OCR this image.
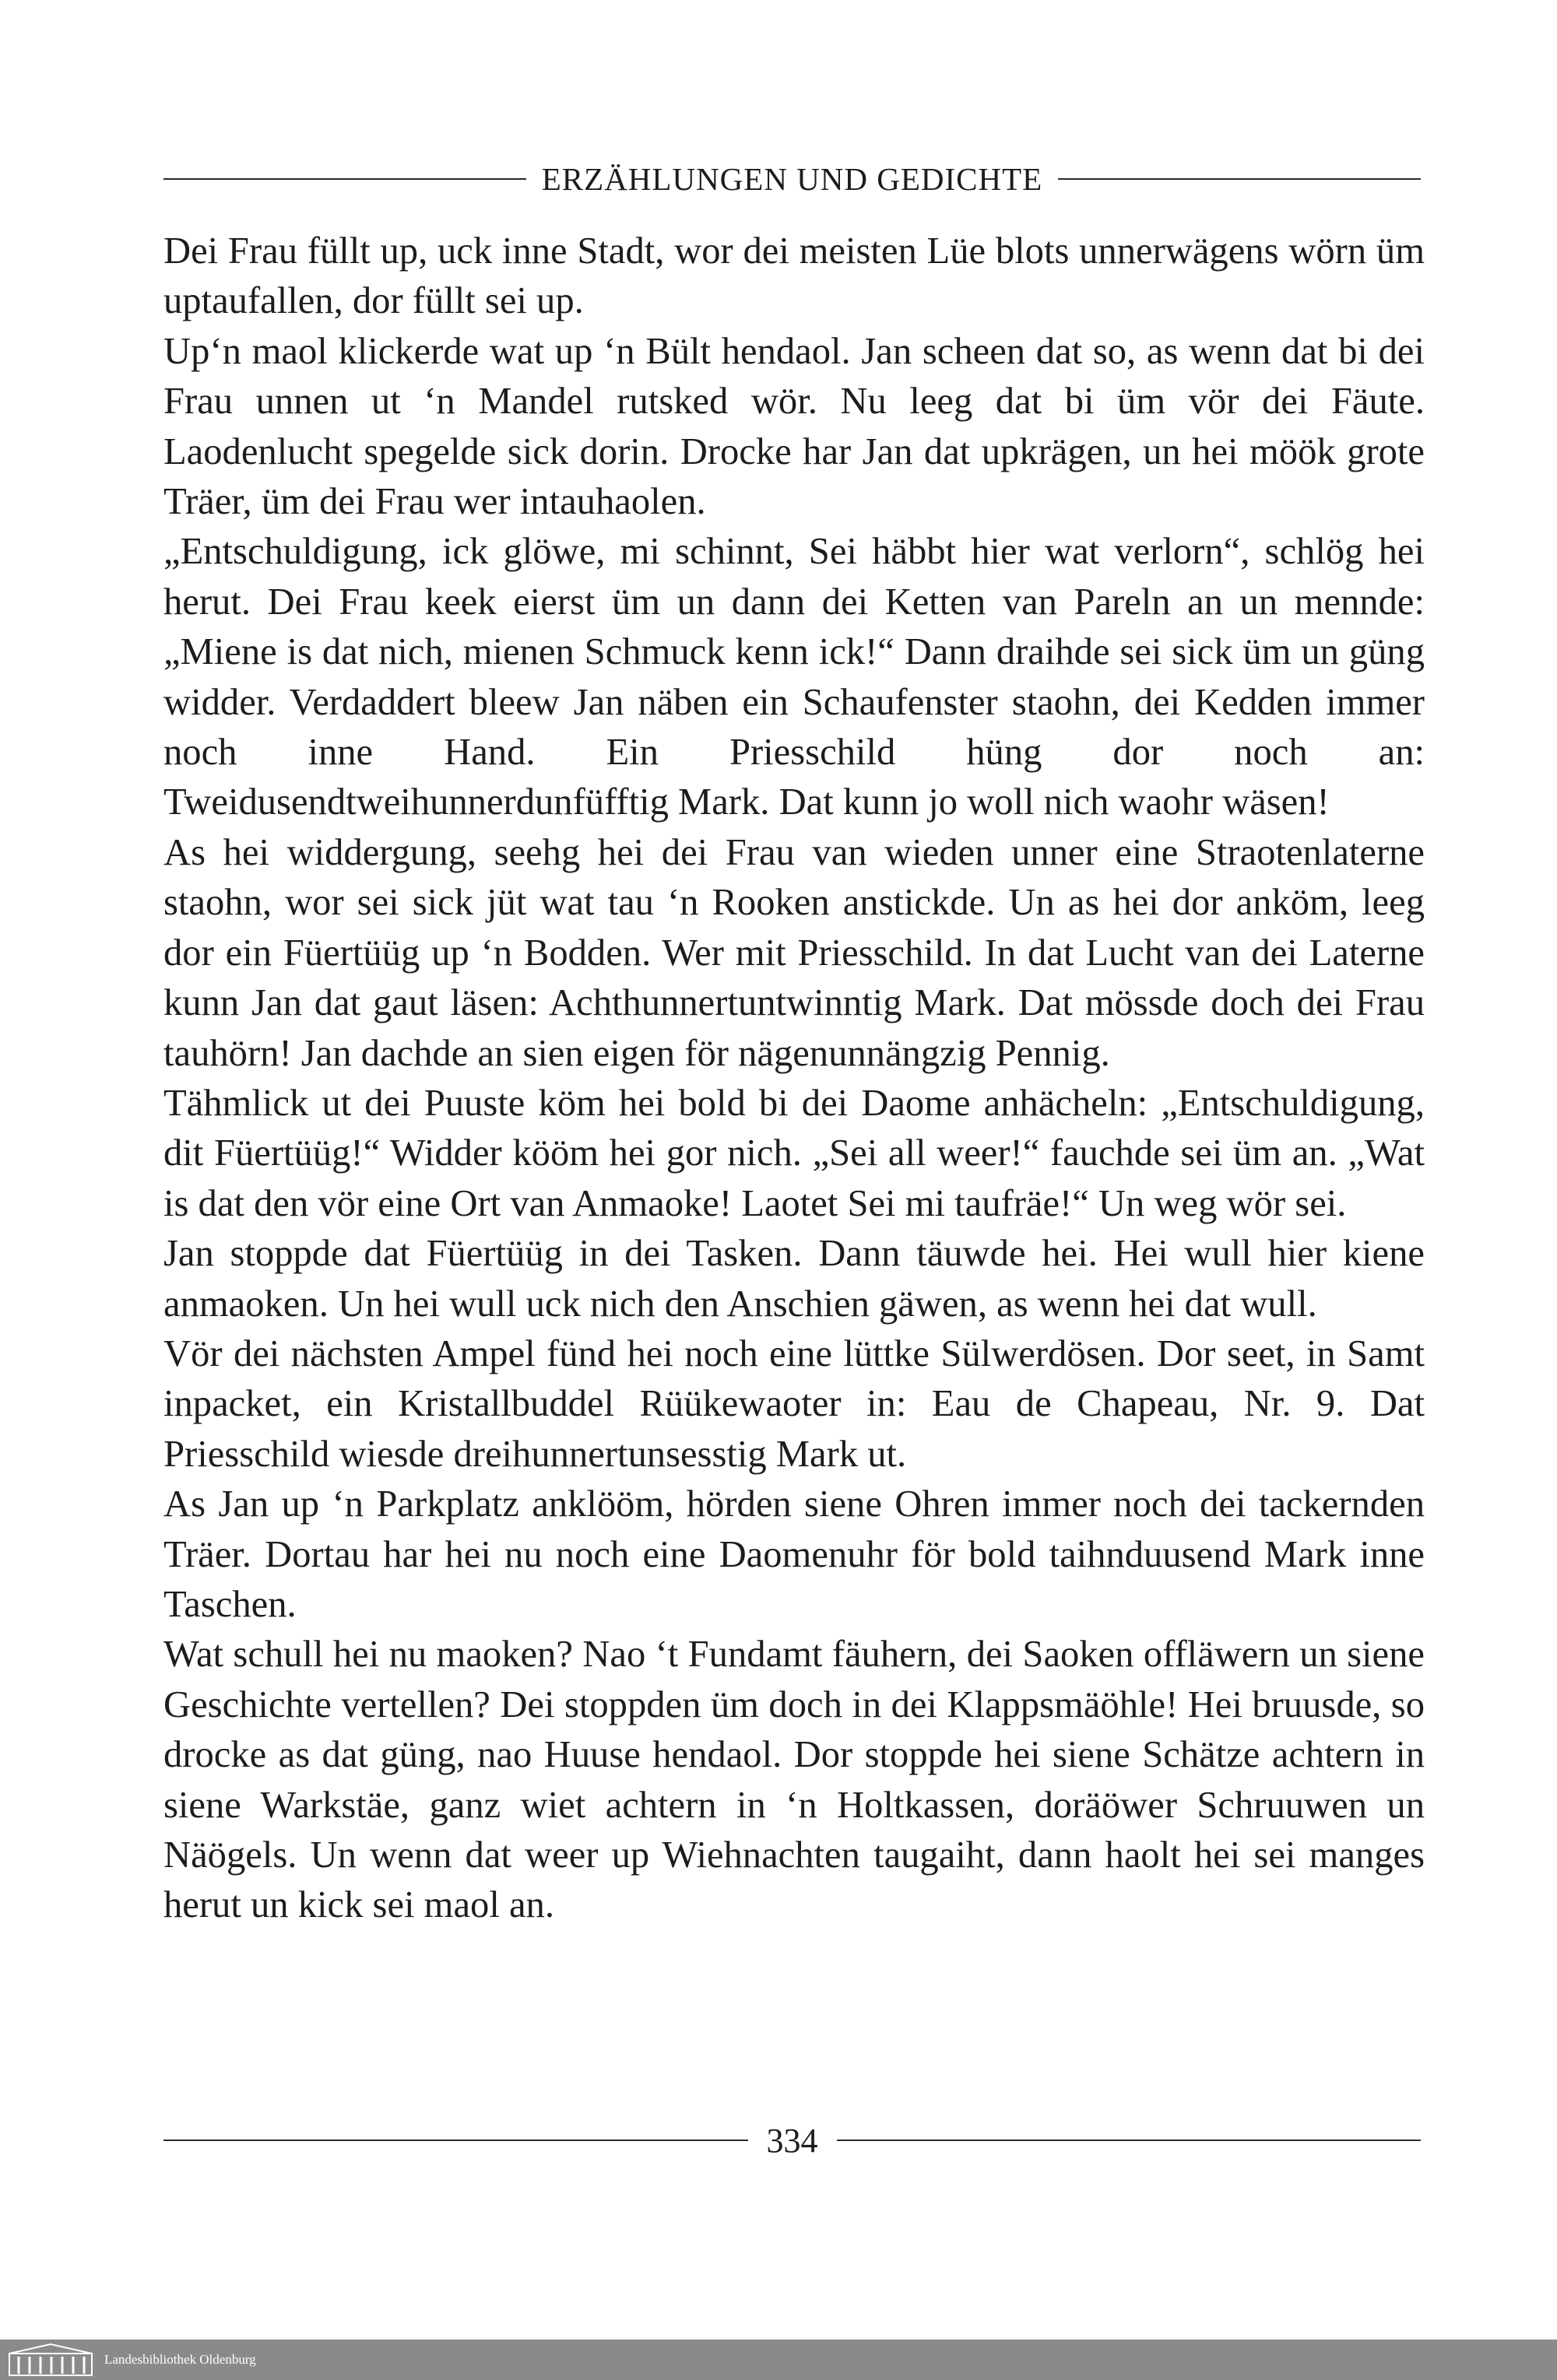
ERZÄHLUNGEN UND GEDICHTE

Dei Frau füllt up, uck inne Stadt, wor dei meisten Lüe blots unnerwägens wörn üm uptaufallen, dor füllt sei up.

Up‘n maol klickerde wat up ‘n Bült hendaol. Jan scheen dat so, as wenn dat bi dei Frau unnen ut ‘n Mandel rutsked wör. Nu leeg dat bi üm vör dei Fäute. Laodenlucht spegelde sick dorin. Drocke har Jan dat upkrägen, un hei möök grote Träer, üm dei Frau wer intauhaolen.

„Entschuldigung, ick glöwe, mi schinnt, Sei häbbt hier wat verlorn“, schlög hei herut. Dei Frau keek eierst üm un dann dei Ketten van Pareln an un mennde: „Miene is dat nich, mienen Schmuck kenn ick!“ Dann draihde sei sick üm un güng widder. Verdaddert bleew Jan näben ein Schaufenster staohn, dei Kedden immer noch inne Hand. Ein Priesschild hüng dor noch an: Tweidusendtweihunnerdunfüfftig Mark. Dat kunn jo woll nich waohr wäsen!

As hei widdergung, seehg hei dei Frau van wieden unner eine Straotenlaterne staohn, wor sei sick jüt wat tau ‘n Rooken anstickde. Un as hei dor anköm, leeg dor ein Füertüüg up ‘n Bodden. Wer mit Priesschild. In dat Lucht van dei Laterne kunn Jan dat gaut läsen: Achthunnertuntwinntig Mark. Dat mössde doch dei Frau tauhörn! Jan dachde an sien eigen för nägenunnängzig Pennig.

Tähmlick ut dei Puuste köm hei bold bi dei Daome anhächeln: „Entschuldigung, dit Füertüüg!“ Widder kööm hei gor nich. „Sei all weer!“ fauchde sei üm an. „Wat is dat den vör eine Ort van Anmaoke! Laotet Sei mi taufräe!“ Un weg wör sei.

Jan stoppde dat Füertüüg in dei Tasken. Dann täuwde hei. Hei wull hier kiene anmaoken. Un hei wull uck nich den Anschien gäwen, as wenn hei dat wull.

Vör dei nächsten Ampel fünd hei noch eine lüttke Sülwerdösen. Dor seet, in Samt inpacket, ein Kristallbuddel Rüükewaoter in: Eau de Chapeau, Nr. 9. Dat Priesschild wiesde dreihunnertunsesstig Mark ut.

As Jan up ‘n Parkplatz anklööm, hörden siene Ohren immer noch dei tackernden Träer. Dortau har hei nu noch eine Daomenuhr för bold taihnduusend Mark inne Taschen.

Wat schull hei nu maoken? Nao ‘t Fundamt fäuhern, dei Saoken offläwern un siene Geschichte vertellen? Dei stoppden üm doch in dei Klappsmäöhle! Hei bruusde, so drocke as dat güng, nao Huuse hendaol. Dor stoppde hei siene Schätze achtern in siene Warkstäe, ganz wiet achtern in ‘n Holtkassen, doräöwer Schruuwen un Näögels. Un wenn dat weer up Wiehnachten taugaiht, dann haolt hei sei manges herut un kick sei maol an.

334
Landesbibliothek Oldenburg
